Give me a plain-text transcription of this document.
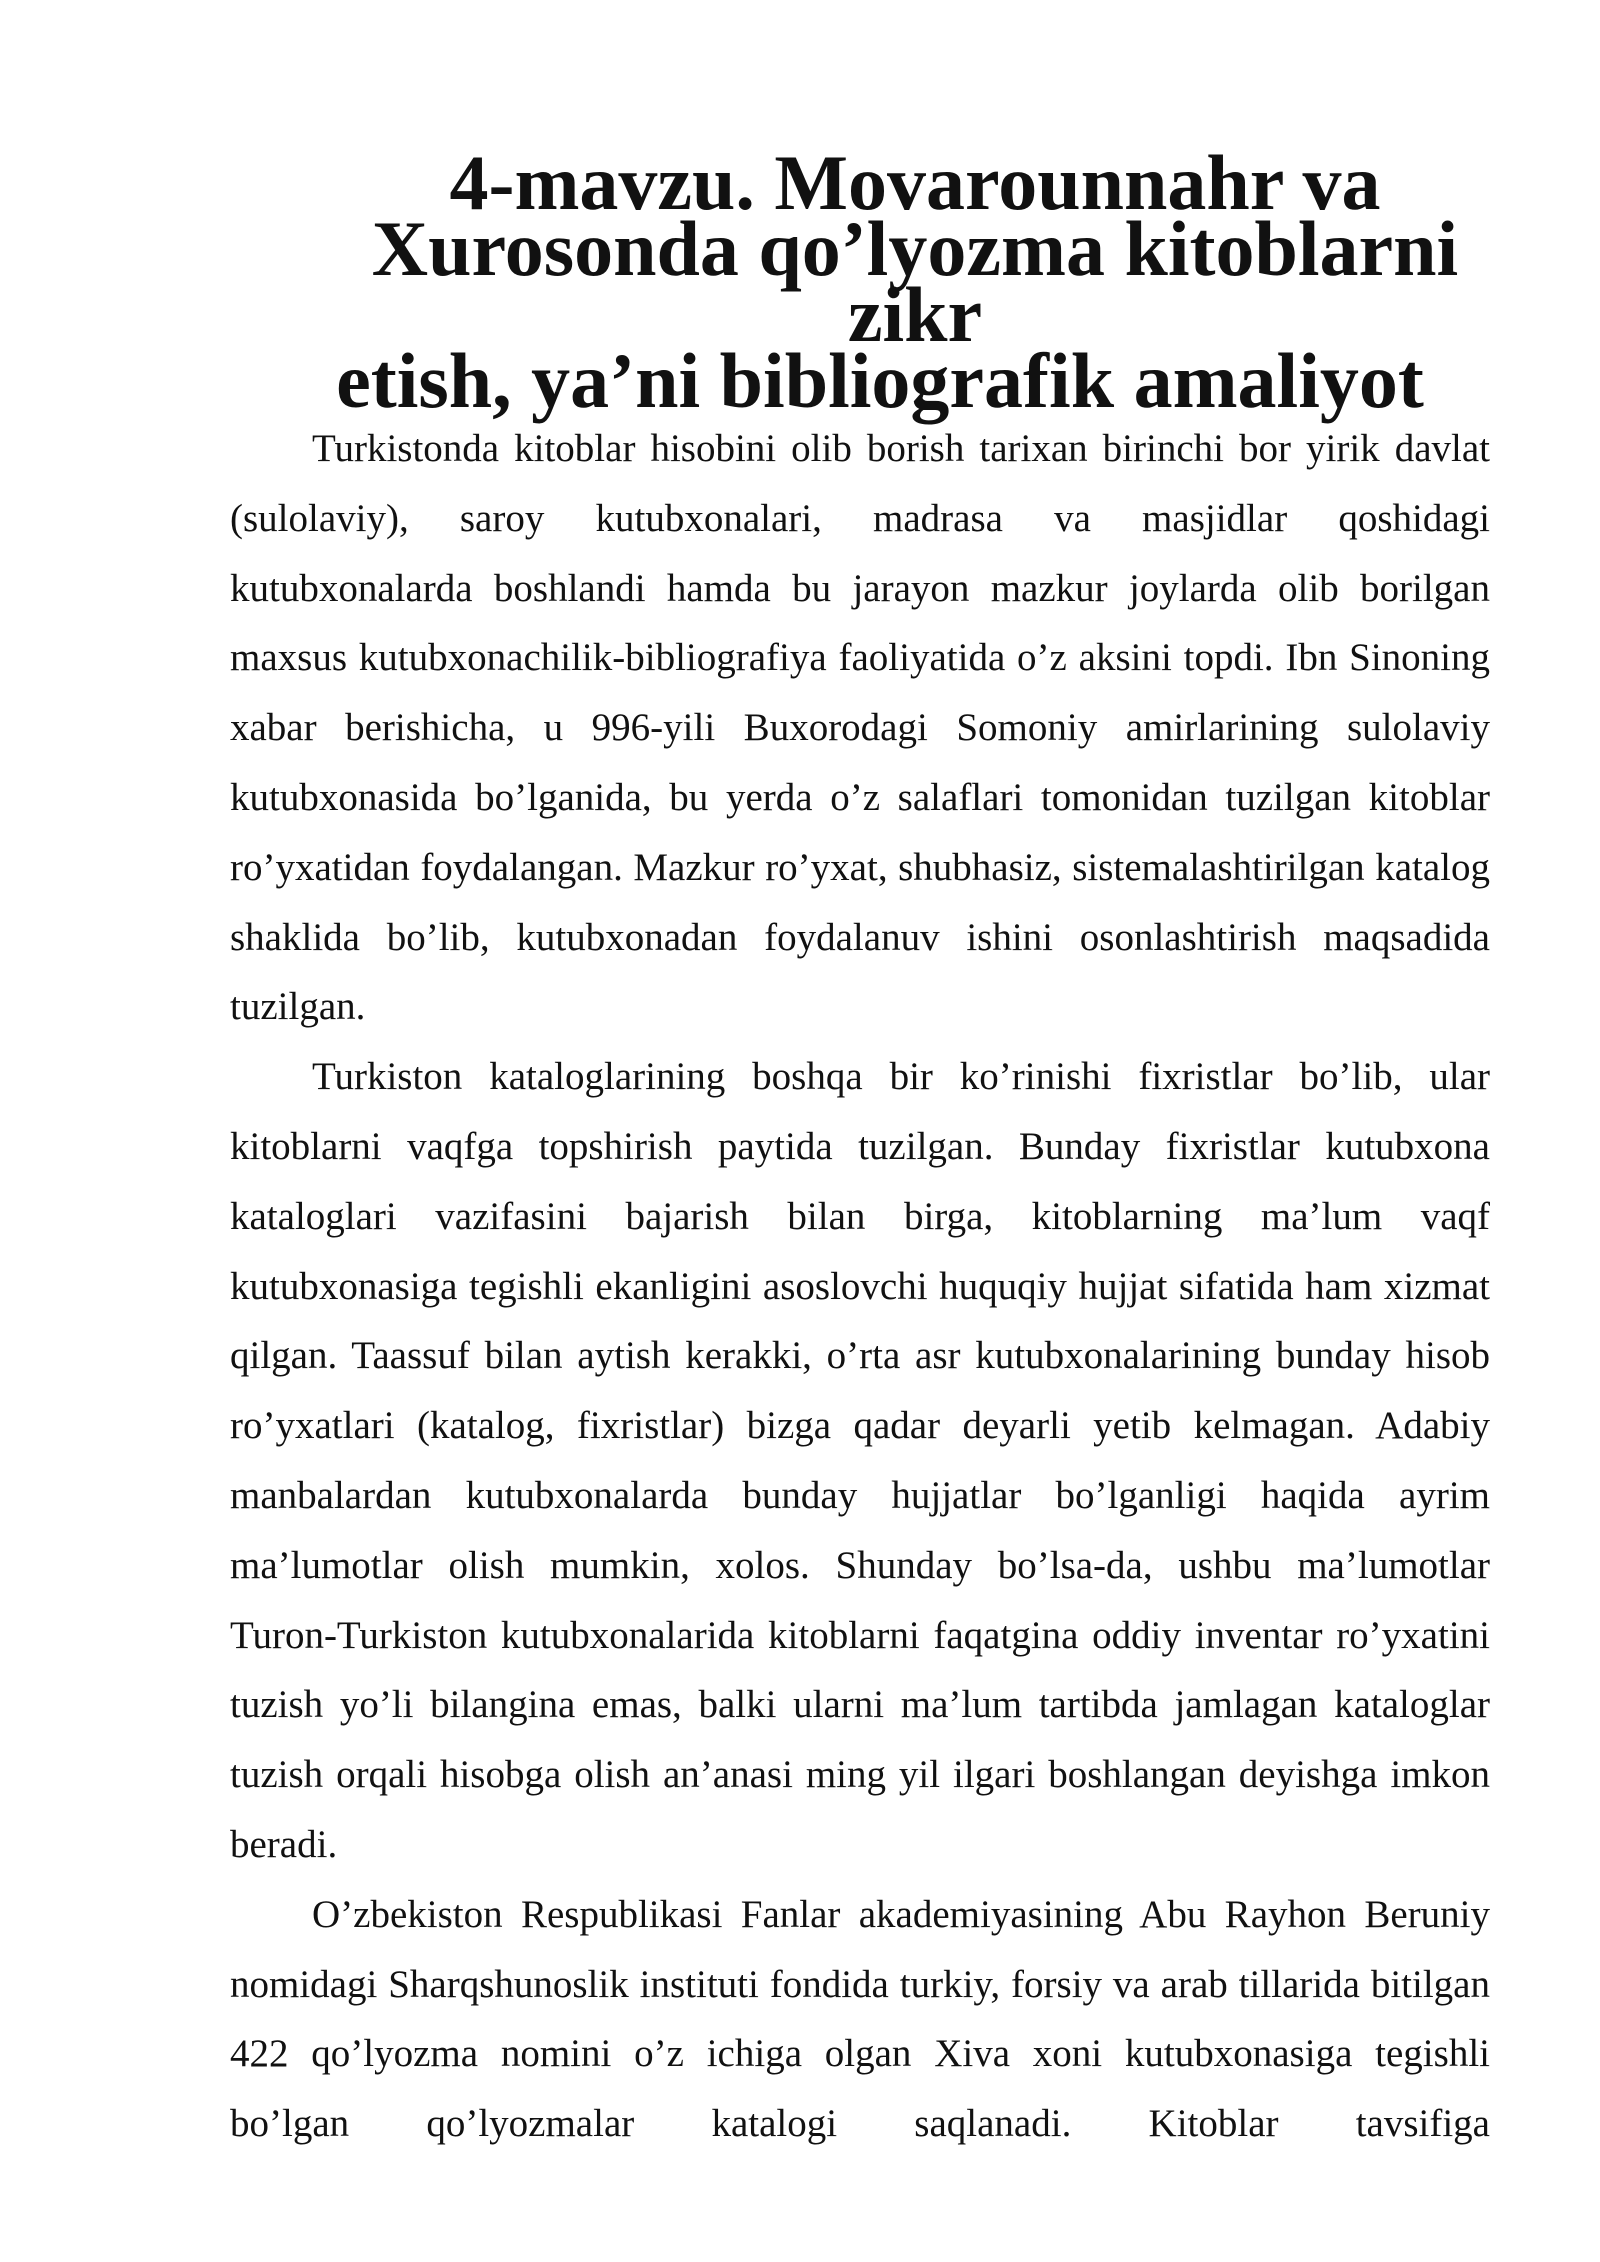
4-mavzu. Movarounnahr va Xurosonda qo’lyozma kitoblarni zikr
etish, ya’ni bibliografik amaliyot

Turkistonda kitoblar hisobini olib borish tarixan birinchi bor yirik davlat (sulolaviy), saroy kutubxonalari, madrasa va masjidlar qoshidagi kutubxonalarda boshlandi hamda bu jarayon mazkur joylarda olib borilgan maxsus kutubxonachilik-bibliografiya faoliyatida o’z aksini topdi. Ibn Sinoning xabar berishicha, u 996-yili Buxorodagi Somoniy amirlarining sulolaviy kutubxonasida bo’lganida, bu yerda o’z salaflari tomonidan tuzilgan kitoblar ro’yxatidan foydalangan. Mazkur ro’yxat, shubhasiz, sistemalashtirilgan katalog shaklida bo’lib, kutubxonadan foydalanuv ishini osonlashtirish maqsadida tuzilgan.

Turkiston kataloglarining boshqa bir ko’rinishi fixristlar bo’lib, ular kitoblarni vaqfga topshirish paytida tuzilgan. Bunday fixristlar kutubxona kataloglari vazifasini bajarish bilan birga, kitoblarning ma’lum vaqf kutubxonasiga tegishli ekanligini asoslovchi huquqiy hujjat sifatida ham xizmat qilgan. Taassuf bilan aytish kerakki, o’rta asr kutubxonalarining bunday hisob ro’yxatlari (katalog, fixristlar) bizga qadar deyarli yetib kelmagan. Adabiy manbalardan kutubxonalarda bunday hujjatlar bo’lganligi haqida ayrim ma’lumotlar olish mumkin, xolos. Shunday bo’lsa-da, ushbu ma’lumotlar Turon-Turkiston kutubxonalarida kitoblarni faqatgina oddiy inventar ro’yxatini tuzish yo’li bilangina emas, balki ularni ma’lum tartibda jamlagan kataloglar tuzish orqali hisobga olish an’anasi ming yil ilgari boshlangan deyishga imkon beradi.

O’zbekiston Respublikasi Fanlar akademiyasining Abu Rayhon Beruniy nomidagi Sharqshunoslik instituti fondida turkiy, forsiy va arab tillarida bitilgan 422 qo’lyozma nomini o’z ichiga olgan Xiva xoni kutubxonasiga tegishli bo’lgan qo’lyozmalar katalogi saqlanadi. Kitoblar tavsifiga
